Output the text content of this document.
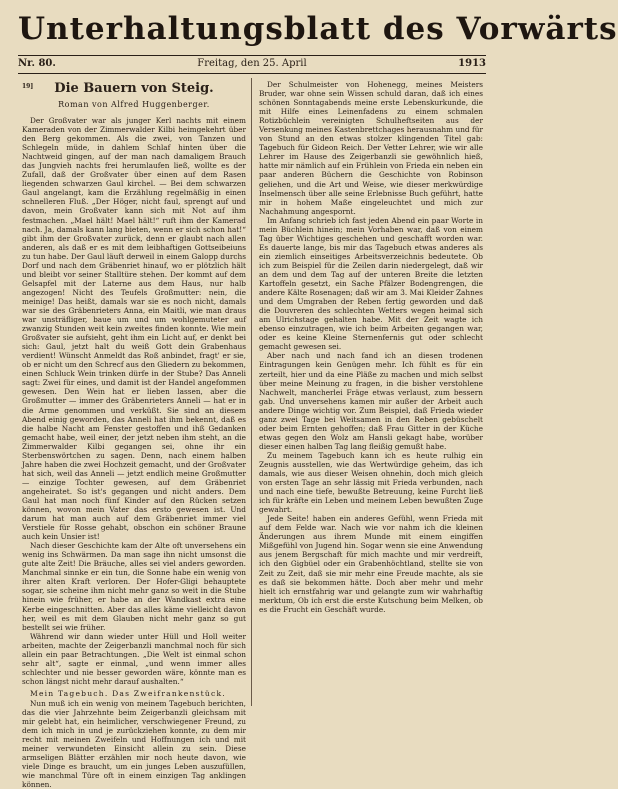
Unterhaltungsblatt des Vorwärts
Nr. 80.	Freitag, den 25. April	1913
19]	Die Bauern von Steig.
Roman von Alfred Huggenberger.

Der Großvater war als junger Kerl nachts mit einem Kameraden von der Zimmerwalder Kilbi heimgekehrt über den Berg gekommen. Als die zwei, von Tanzen und Schlegeln müde, in dahlem Schlaf hinten über die Nachtweid gingen, auf der man nach damaligem Brauch das Jungvieh nachts frei herumlaufen ließ, wollte es der Zufall, daß der Großvater über einen auf dem Rasen liegenden schwarzen Gaul kirchel. — Bei dem schwarzen Gaul angelangt, kam die Erzählung regelmäßig in einen schnelleren Fluß. „Der Höger, nicht faul, sprengt auf und davon, mein Großvater kann sich mit Not auf ihm festmachen. „Mael hält! Mael hält!“ ruft ihm der Kamerad nach. Ja, damals kann lang bieten, wenn er sich schon hat!“ gibt ihm der Großvater zurück, denn er glaubt nach allen anderen, als daß er es mit dem leibhaftigen Gottseibeiuns zu tun habe. Der Gaul läuft derweil in einem Galopp durchs Dorf und nach dem Gräbenriet hinauf, wo er plötzlich hält und bleibt vor seiner Stalltüre stehen. Der kommt auf dem Gelsapfel mit der Laterne aus dem Haus, nur halb angezogen! Nicht des Teufels Großmutter: nein, die meinige! Das heißt, damals war sie es noch nicht, damals war sie des Gräbenrieters Anna, ein Maitli, wie man draus war unsträfliger, baue um und um wohlgemuteter auf zwanzig Stunden weit kein zweites finden konnte. Wie mein Großvater sie aufsieht, geht ihm ein Licht auf, er denkt bei sich: Gaul, jetzt halt du weiß Gott dein Grabenhaus verdient! Wünscht Anmeldt das Roß anbindet, fragt' er sie, ob er nicht um den Schrecf aus den Gliedern zu bekommen, einen Schluck Wein trinken dürfe in der Stube? Das Anneli sagt: Zwei für eines, und damit ist der Handel angefommen gewesen. Den Wein hat er lieben lassen, aber die Großmutter — immer des Gräbenrieters Anneli — hat er in die Arme genommen und verküßt. Sie sind an diesem Abend einig geworden, das Anneli hat ihm bekennt, daß es die halbe Nacht am Fenster gestoffen und ihß Gedanken gemacht habe, weil einer, der jetzt neben ihm steht, an die Zimmerwalder Kilbi gegangen sei, ohne ihr ein Sterbenswörtchen zu sagen. Denn, nach einem halben Jahre haben die zwei Hochzeit gemacht, und der Großvater hat sich, weil das Anneli — jetzt endlich meine Großmutter — einzige Tochter gewesen, auf dem Gräbenriet angeheiratet. So ist's gegangen und nicht anders. Dem Gaul hat man noch fünf Kinder auf den Rücken setzen können, wovon mein Vater das ersto gewesen ist. Und darum hat man auch auf dem Gräbenriet immer viel Verstiele für Rosse gehabt, obschon ein schöner Braune auch kein Unsier ist!

Nach dieser Geschichte kam der Alte oft unversehens ein wenig ins Schwärmen. Da man sage ihn nicht umsonst die gute alte Zeit! Die Bräuche, alles sei viel anders geworden. Manchmal sinnke er ein tun, die Sonne habe ein wenig von ihrer alten Kraft verloren. Der Hofer-Gligi behauptete sogar, sie scheine ihm nicht mehr ganz so weit in die Stube hinein wie früher, er habe an der Wandkast extra eine Kerbe eingeschnitten. Aber das alles käme vielleicht davon her, weil es mit dem Glauben nicht mehr ganz so gut bestellt sei wie früher.

Während wir dann wieder unter Hüll und Holl weiter arbeiten, machte der Zeigerbanzli manchmal noch für sich allein ein paar Betrachtungen. „Die Welt ist einmal schon sehr alt“, sagte er einmal, „und wenn immer alles schlechter und nie besser geworden wäre, könnte man es schon längst nicht mehr darauf aushalten.“

Mein Tagebuch. Das Zweifrankenstück.

Nun muß ich ein wenig von meinem Tagebuch berichten, das die vier Jahrzehnte beim Zeigerbanzli gleichsam mit mir gelebt hat, ein heimlicher, verschwiegener Freund, zu dem ich mich in und je zurückziehen konnte, zu dem mir recht mit meinen Zweifeln und Hoffnungen ich und mit meiner verwundeten Einsicht allein zu sein. Diese armseligen Blätter erzählen mir noch heute davon, wie viele Dinge es braucht, um ein junges Leben auszufüllen, wie manchmal Türe oft in einem einzigen Tag anklingen können.

Der Schulmeister von Hohenegg, meines Meisters Bruder, war ohne sein Wissen schuld daran, daß ich eines schönen Sonntagabends meine erste Lebenskurkunde, die mit Hilfe eines Leinenfadens zu einem schmalen Rotizbüchlein vereinigten Schulheftseiten aus der Versenkung meines Kastenbrettchages herausnahm und für von Stund an den etwas stolzer klingenden Titel gab: Tagebuch für Gideon Reich. Der Vetter Lehrer, wie wir alle Lehrer im Hause des Zeigerbanzli sie gewöhnlich hieß, hatte mir nämlich auf ein Frühlein von Frieda ein neben ein paar anderen Büchern die Geschichte von Robinson geliehen, und die Art und Weise, wie dieser merkwürdige Inselmensch über alle seine Erlebnisse Buch geführt, hatte mir in hohem Maße eingeleuchtet und mich zur Nachahmung angespornt.

Im Anfang schrieb ich fast jeden Abend ein paar Worte in mein Büchlein hinein; mein Vorhaben war, daß von einem Tag über Wichtiges geschehen und geschafft worden war. Es dauerte lange, bis mir das Tagebuch etwas anderes als ein ziemlich einseitiges Arbeitsverzeichnis bedeutete. Ob ich zum Beispiel für die Zeilen darin niedergelegt, daß wir an dem und dem Tag auf der unteren Breite die letzten Kartoffeln gesetzt, ein Sache Pfälzer Bodengrengen, die andere Kälte Rosenagen; daß wir am 3. Mai Kleider Zahnes und dem Umgraben der Reben fertig geworden und daß die Douvreren des schlechten Wetters wegen heimal sich am Ulrichstage gehalten habe. Mit der Zeit wagte ich ebenso einzutragen, wie ich beim Arbeiten gegangen war, oder es keine Kleine Sternenfernis gut oder schlecht gemacht gewesen sei.

Aber nach und nach fand ich an diesen trodenen Eintragungen kein Genügen mehr. Ich fühlt es für ein zerteilt, hier und da eine Pläße zu machen und mich selbst über meine Meinung zu fragen, in die bisher verstohlene Nachwelt, mancherlei Fräge etwas verlaust, zum bessern gab. Und unversehens kamen mir außer der Arbeit auch andere Dinge wichtig vor. Zum Beispiel, daß Frieda wieder ganz zwei Tage bei Weitsamen in den Reben gebüschelt oder beim Ernten gehoffen; daß Frau Gitter in der Küche etwas gegen den Wolz am Hansli gekagt habe, worüber dieser einen halben Tag lang fleißig gemußt habe.

Zu meinem Tagebuch kann ich es heute rulhig ein Zeugnis ausstellen, wie das Wertwürdige geheim, das ich damals, wie aus dieser Weisen ohnehin, doch mich gleich von ersten Tage an sehr lässig mit Frieda verbunden, nach und nach eine tiefe, bewußte Betreuung, keine Furcht ließ ich für kräfte ein Leben und meinem Leben bewußten Zuge gewahrt.

Jede Seite! haben ein anderes Gefühl, wenn Frieda mit auf dem Felde war. Nach wie vor nahm ich die kleinen Änderungen aus ihrem Munde mit einem eingiffen Mißgefühl von Jugend hin. Sogar wenn sie eine Anwendung aus jenem Bergschaft für mich machte und mir verdreift, ich den Gigbüel oder ein Grabenhöchtland, stellte sie von Zeit zu Zeit, daß sie mir mehr eine Freude machte, als sie es daß sie bekommen hätte. Doch aber mehr und mehr hielt ich ernstfahrig war und gelangte zum wir wahrhaftig merktum, Ob ich erst die erste Kutschung beim Melken, ob es die Frucht ein Geschäft wurde.
